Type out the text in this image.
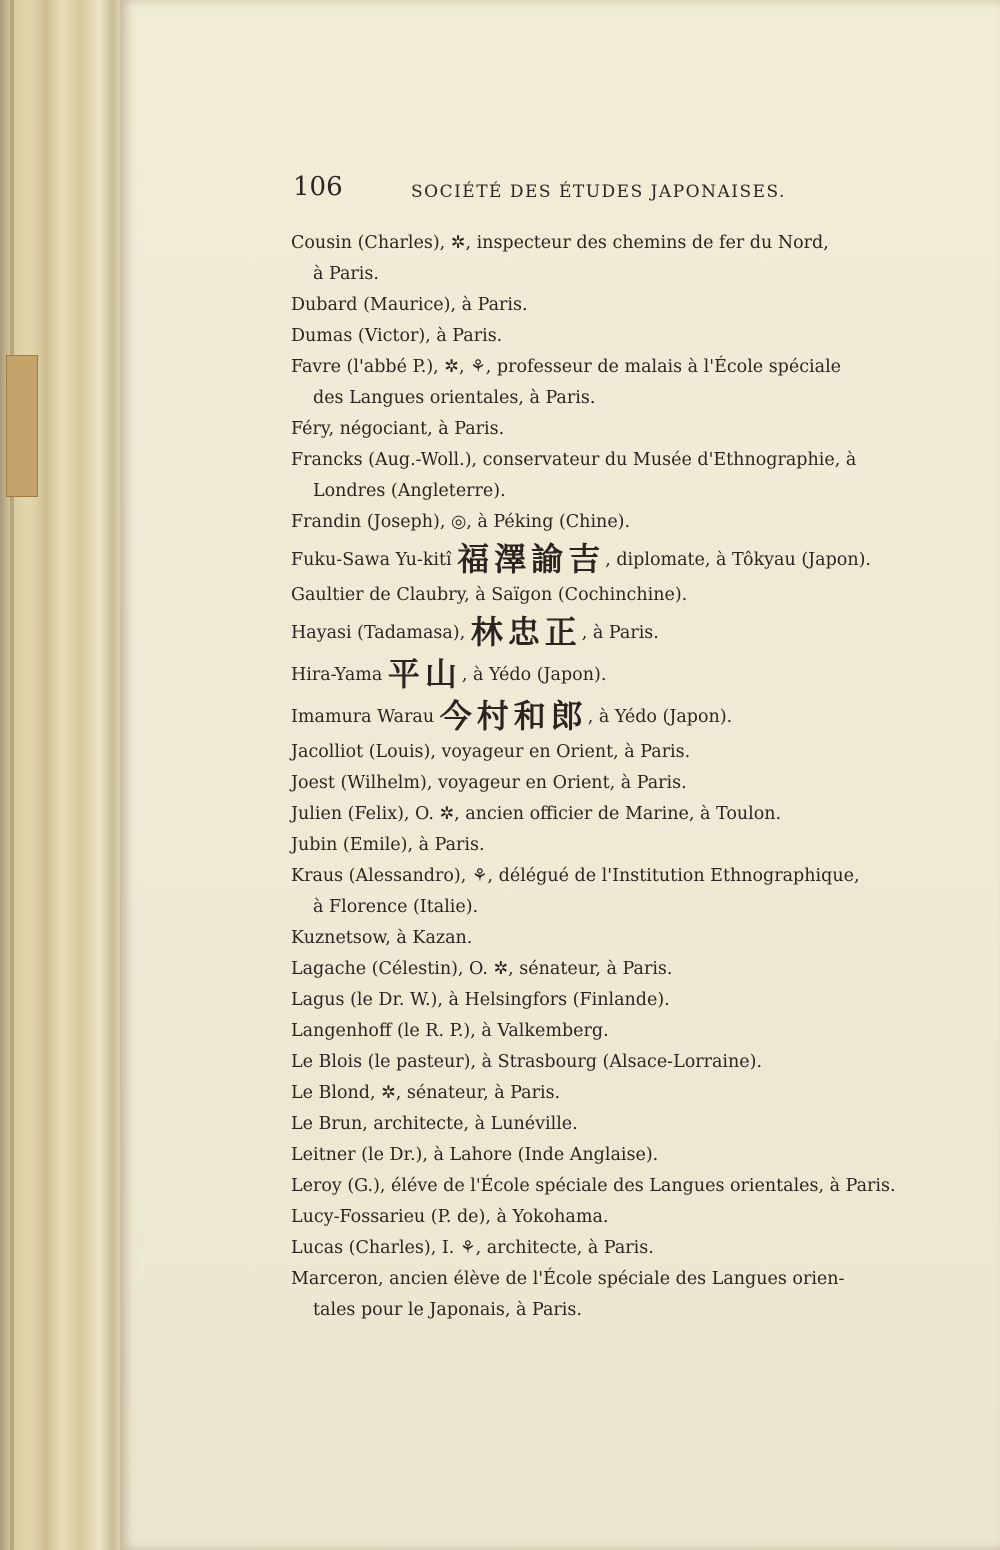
106	SOCIÉTÉ DES ÉTUDES JAPONAISES.
Cousin (Charles), ✲, inspecteur des chemins de fer du Nord,
à Paris.
Dubard (Maurice), à Paris.
Dumas (Victor), à Paris.
Favre (l'abbé P.), ✲, ⚘, professeur de malais à l'École spéciale
des Langues orientales, à Paris.
Féry, négociant, à Paris.
Francks (Aug.-Woll.), conservateur du Musée d'Ethnographie, à
Londres (Angleterre).
Frandin (Joseph), ◎, à Péking (Chine).
Fuku-Sawa Yu-kitî 福澤諭吉, diplomate, à Tôkyau (Japon).
Gaultier de Claubry, à Saïgon (Cochinchine).
Hayasi (Tadamasa), 林忠正, à Paris.
Hira-Yama 平山, à Yédo (Japon).
Imamura Warau 今村和郎, à Yédo (Japon).
Jacolliot (Louis), voyageur en Orient, à Paris.
Joest (Wilhelm), voyageur en Orient, à Paris.
Julien (Felix), O. ✲, ancien officier de Marine, à Toulon.
Jubin (Emile), à Paris.
Kraus (Alessandro), ⚘, délégué de l'Institution Ethnographique,
à Florence (Italie).
Kuznetsow, à Kazan.
Lagache (Célestin), O. ✲, sénateur, à Paris.
Lagus (le Dr. W.), à Helsingfors (Finlande).
Langenhoff (le R. P.), à Valkemberg.
Le Blois (le pasteur), à Strasbourg (Alsace-Lorraine).
Le Blond, ✲, sénateur, à Paris.
Le Brun, architecte, à Lunéville.
Leitner (le Dr.), à Lahore (Inde Anglaise).
Leroy (G.), éléve de l'École spéciale des Langues orientales, à Paris.
Lucy-Fossarieu (P. de), à Yokohama.
Lucas (Charles), I. ⚘, architecte, à Paris.
Marceron, ancien élève de l'École spéciale des Langues orien-
tales pour le Japonais, à Paris.
